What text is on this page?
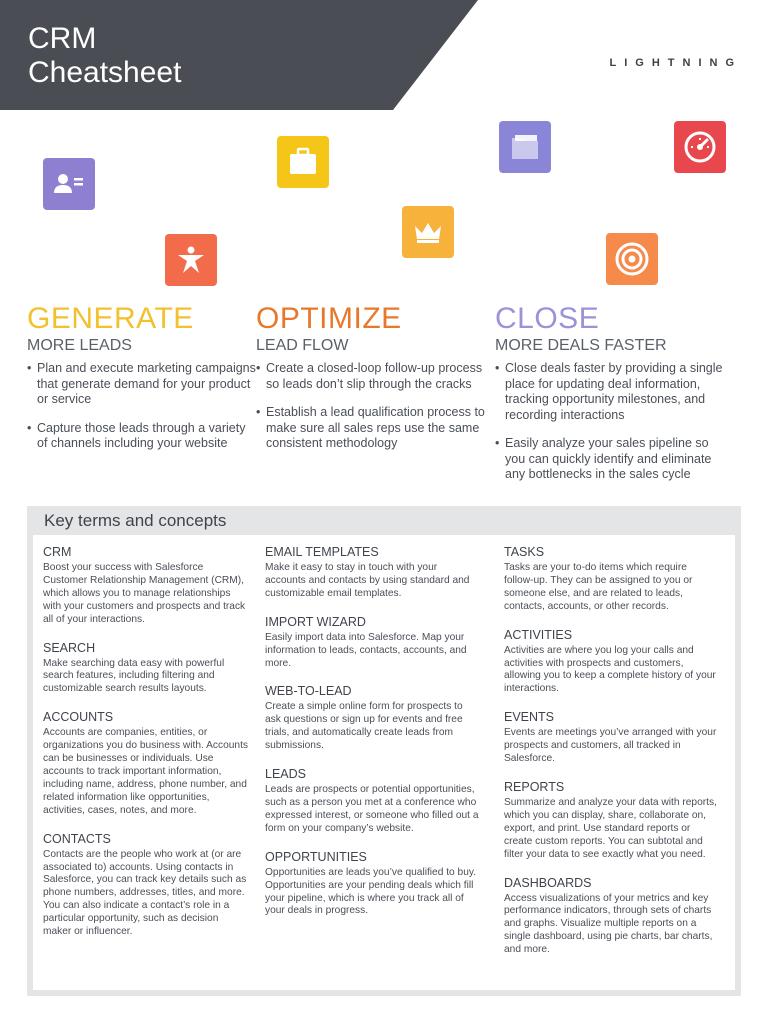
CRM
Cheatsheet	LIGHTNING
GENERATE
MORE LEADS
• Plan and execute marketing campaigns that generate demand for your product or service
• Capture those leads through a variety of channels including your website
OPTIMIZE
LEAD FLOW
• Create a closed-loop follow-up process so leads don’t slip through the cracks
• Establish a lead qualification process to make sure all sales reps use the same consistent methodology
CLOSE
MORE DEALS FASTER
• Close deals faster by providing a single place for updating deal information, tracking opportunity milestones, and recording interactions
• Easily analyze your sales pipeline so you can quickly identify and eliminate any bottlenecks in the sales cycle
Key terms and concepts
CRM

Boost your success with Salesforce Customer Relationship Management (CRM), which allows you to manage relationships with your customers and prospects and track all of your interactions.

SEARCH

Make searching data easy with powerful search features, including filtering and customizable search results layouts.

ACCOUNTS

Accounts are companies, entities, or organizations you do business with. Accounts can be businesses or individuals. Use accounts to track important information, including name, address, phone number, and related information like opportunities, activities, cases, notes, and more.

CONTACTS

Contacts are the people who work at (or are associated to) accounts. Using contacts in Salesforce, you can track key details such as phone numbers, addresses, titles, and more. You can also indicate a contact’s role in a particular opportunity, such as decision maker or influencer.

EMAIL TEMPLATES

Make it easy to stay in touch with your accounts and contacts by using standard and customizable email templates.

IMPORT WIZARD

Easily import data into Salesforce. Map your information to leads, contacts, accounts, and more.

WEB-TO-LEAD

Create a simple online form for prospects to ask questions or sign up for events and free trials, and automatically create leads from submissions.

LEADS

Leads are prospects or potential opportunities, such as a person you met at a conference who expressed interest, or someone who filled out a form on your company’s website.

OPPORTUNITIES

Opportunities are leads you’ve qualified to buy. Opportunities are your pending deals which fill your pipeline, which is where you track all of your deals in progress.

TASKS

Tasks are your to-do items which require follow-up. They can be assigned to you or someone else, and are related to leads, contacts, accounts, or other records.

ACTIVITIES

Activities are where you log your calls and activities with prospects and customers, allowing you to keep a complete history of your interactions.

EVENTS

Events are meetings you’ve arranged with your prospects and customers, all tracked in Salesforce.

REPORTS

Summarize and analyze your data with reports, which you can display, share, collaborate on, export, and print. Use standard reports or create custom reports. You can subtotal and filter your data to see exactly what you need.

DASHBOARDS

Access visualizations of your metrics and key performance indicators, through sets of charts and graphs. Visualize multiple reports on a single dashboard, using pie charts, bar charts, and more.
